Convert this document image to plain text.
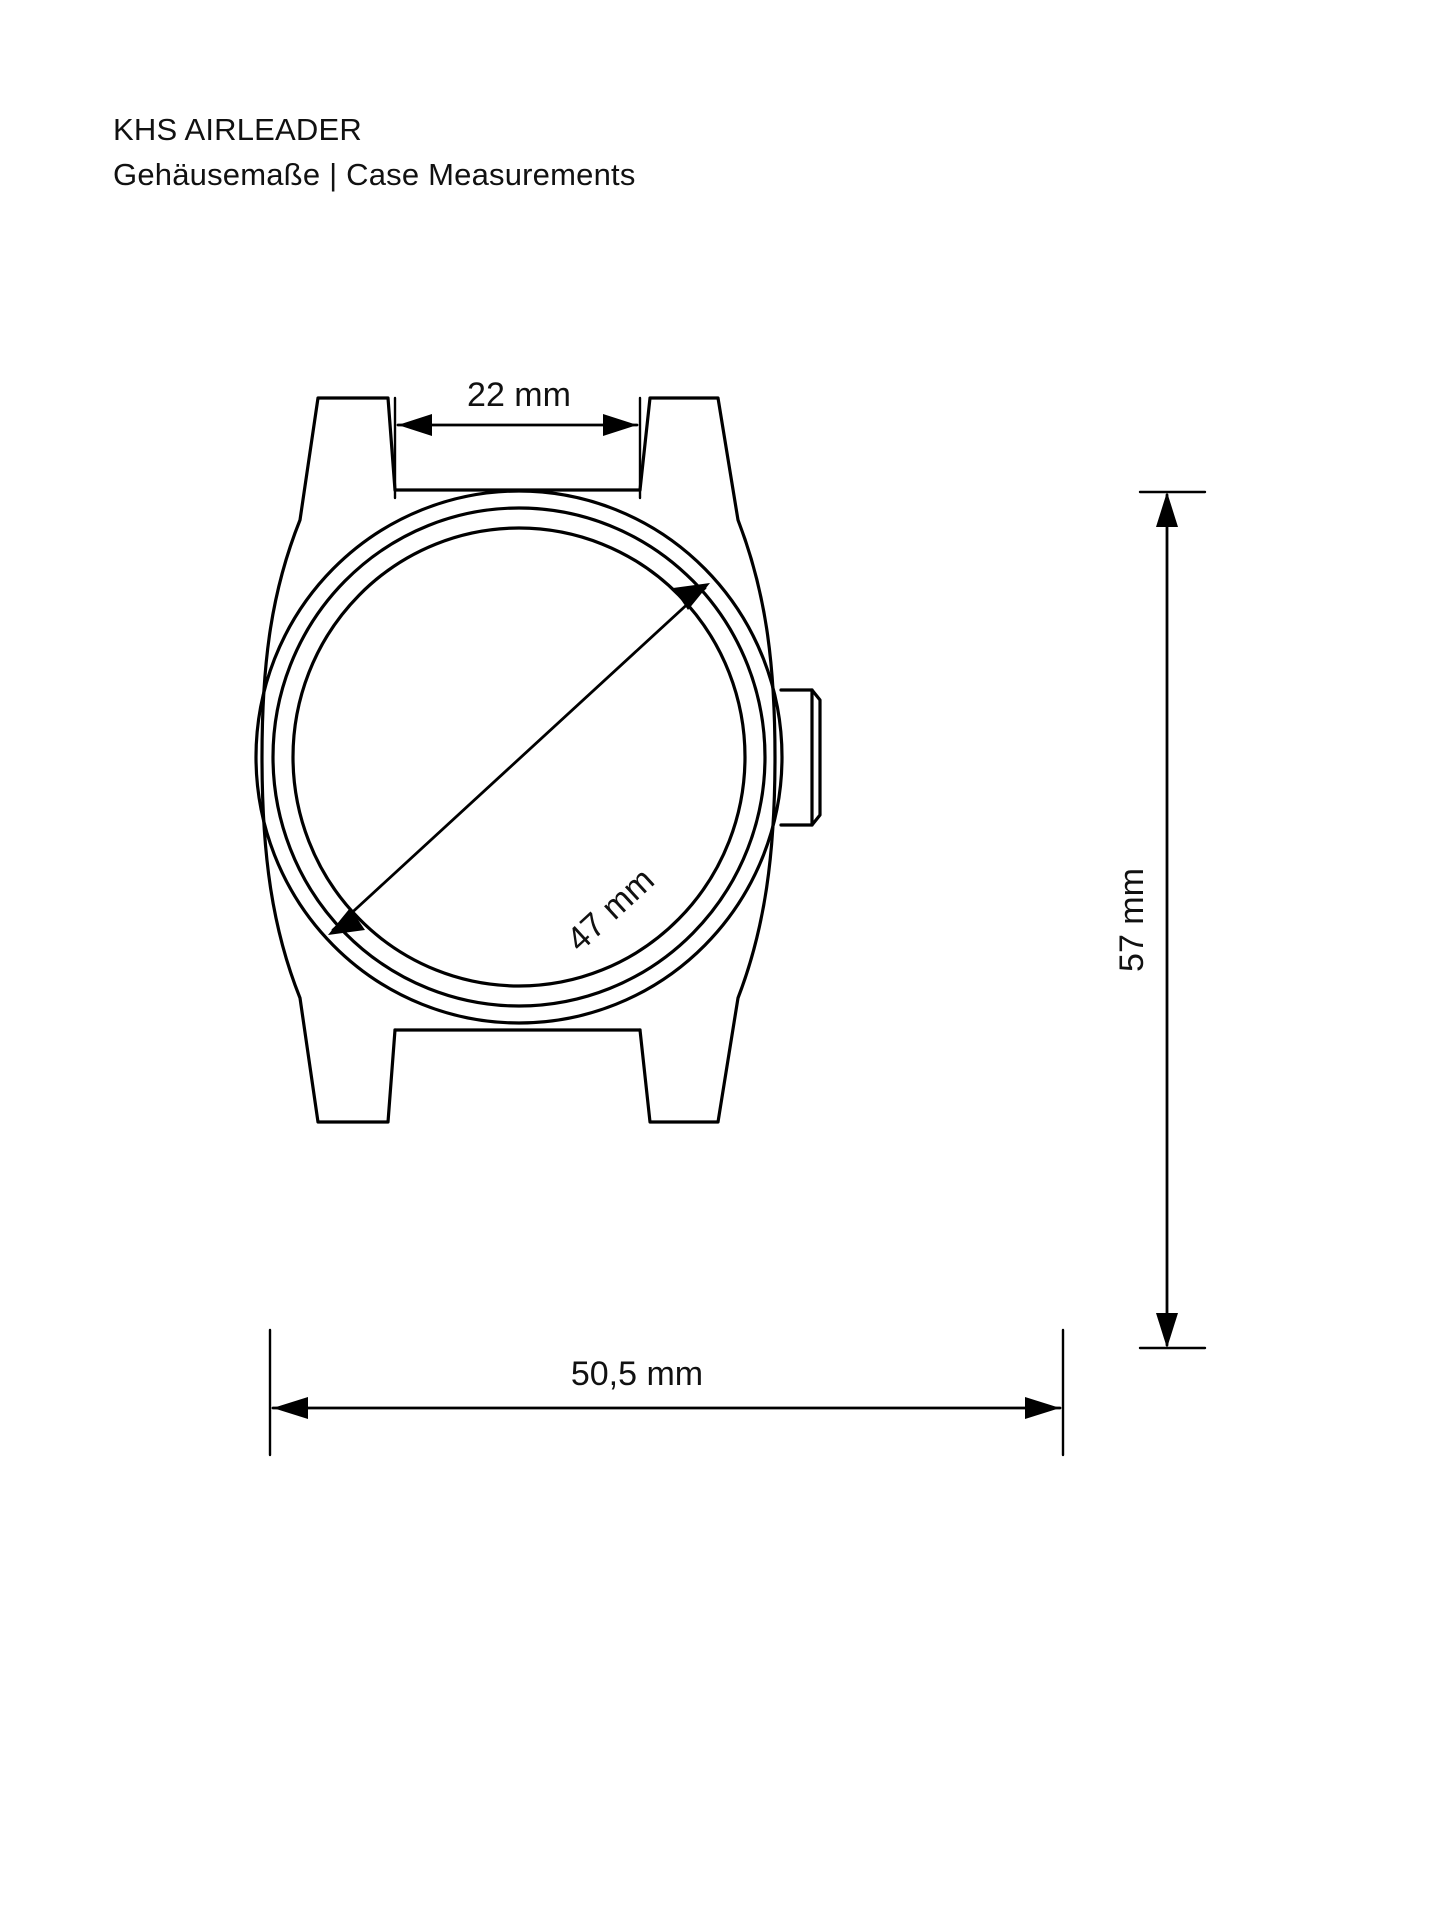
KHS AIRLEADER
Gehäusemaße | Case Measurements
22 mm
47 mm	57 mm
50,5 mm
